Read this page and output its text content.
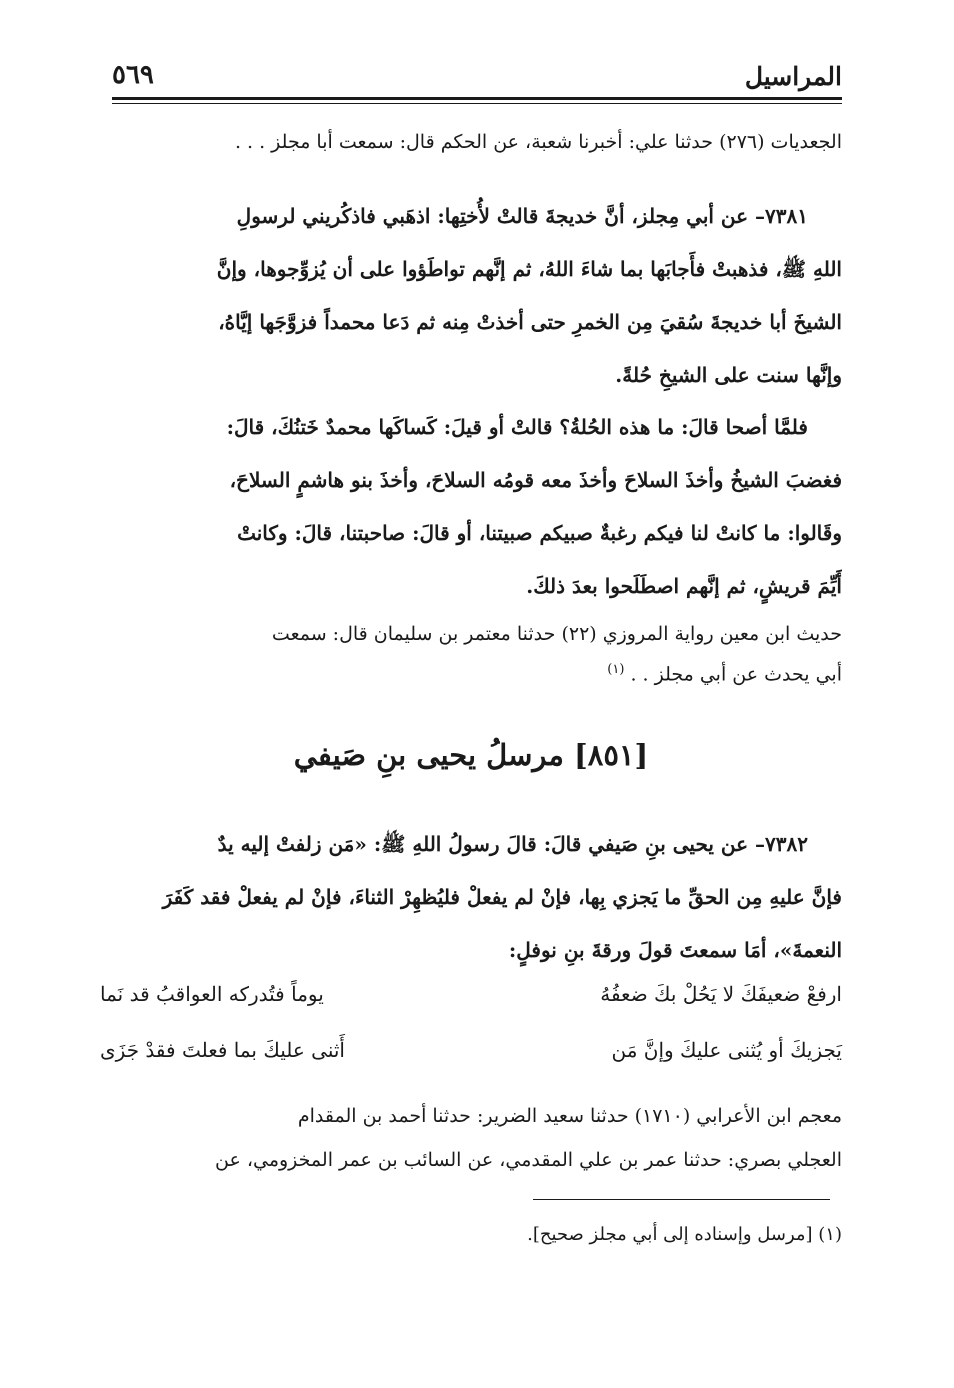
المراسيل
٥٦٩
الجعديات (٢٧٦) حدثنا علي: أخبرنا شعبة، عن الحكم قال: سمعت أبا مجلز . . .
٧٣٨١– عن أبي مِجلز، أنَّ خديجةَ قالتْ لأُختِها: اذهَبي فاذكُريني لرسولِ
اللهِ ﷺ، فذهبتْ فأَجابَها بما شاءَ اللهُ، ثم إنَّهم تواطَؤوا على أن يُزوِّجوها، وإنَّ
الشيخَ أبا خديجةَ سُقيَ مِن الخمرِ حتى أخذتْ مِنه ثم دَعا محمداً فزوَّجَها إيَّاهُ،
وإنَّها سنت على الشيخِ حُلةً.
فلمَّا أصحا قالَ: ما هذه الحُلةُ؟ قالتْ أو قيلَ: كَساكَها محمدٌ خَتنُكَ، قالَ:
فغضبَ الشيخُ وأخذَ السلاحَ وأخذَ معه قومُه السلاحَ، وأخذَ بنو هاشمٍ السلاحَ،
وقَالوا: ما كانتْ لنا فيكم رغبةٌ صبيكم صبيتنا، أو قالَ: صاحبتنا، قالَ: وكانتْ
أَيِّمَ قريشٍ، ثم إنَّهم اصطَلَحوا بعدَ ذلكَ.
حديث ابن معين رواية المروزي (٢٢) حدثنا معتمر بن سليمان قال: سمعت
أبي يحدث عن أبي مجلز . . $^{(١)}$
[٨٥١] مرسلُ يحيى بنِ صَيفي
٧٣٨٢– عن يحيى بنِ صَيفي قالَ: قالَ رسولُ اللهِ ﷺ: «مَن زلفتْ إليه يدٌ
فإنَّ عليهِ مِن الحقِّ ما يَجزي بِها، فإنْ لم يفعلْ فليُظهِرْ الثناءَ، فإنْ لم يفعلْ فقد كَفَرَ
النعمةَ»، أمَا سمعتَ قولَ ورقةَ بنِ نوفلٍ:
ارفعْ ضعيفَكَ لا يَحُلْ بكَ ضعفُهُ
يوماً فتُدركه العواقبُ قد نَما
يَجزيكَ أو يُثنى عليكَ وإنَّ مَن
أَثنى عليكَ بما فعلتَ فقدْ جَزَى
معجم ابن الأعرابي (١٧١٠) حدثنا سعيد الضرير: حدثنا أحمد بن المقدام
العجلي بصري: حدثنا عمر بن علي المقدمي، عن السائب بن عمر المخزومي، عن
(١) [مرسل وإسناده إلى أبي مجلز صحيح].
